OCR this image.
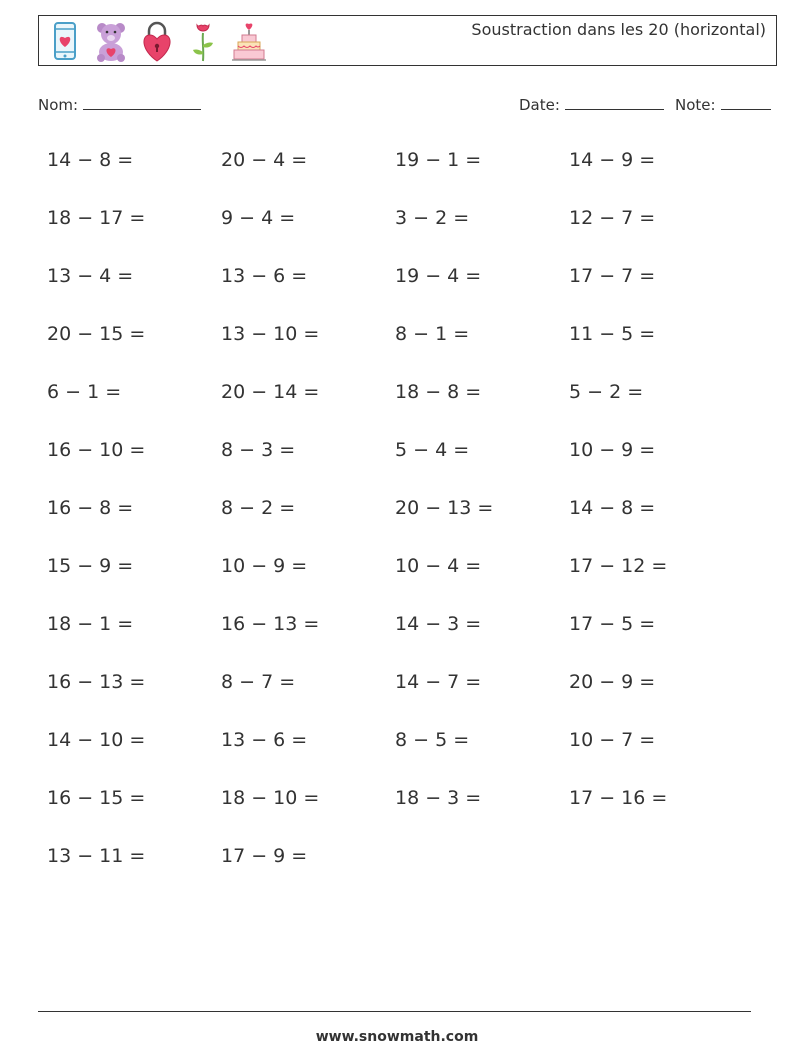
Soustraction dans les 20 (horizontal)
Nom:	Date:	Note:
14 − 8 =	20 − 4 =	19 − 1 =	14 − 9 =
18 − 17 =	9 − 4 =	3 − 2 =	12 − 7 =
13 − 4 =	13 − 6 =	19 − 4 =	17 − 7 =
20 − 15 =	13 − 10 =	8 − 1 =	11 − 5 =
6 − 1 =	20 − 14 =	18 − 8 =	5 − 2 =
16 − 10 =	8 − 3 =	5 − 4 =	10 − 9 =
16 − 8 =	8 − 2 =	20 − 13 =	14 − 8 =
15 − 9 =	10 − 9 =	10 − 4 =	17 − 12 =
18 − 1 =	16 − 13 =	14 − 3 =	17 − 5 =
16 − 13 =	8 − 7 =	14 − 7 =	20 − 9 =
14 − 10 =	13 − 6 =	8 − 5 =	10 − 7 =
16 − 15 =	18 − 10 =	18 − 3 =	17 − 16 =
13 − 11 =	17 − 9 =
www.snowmath.com
